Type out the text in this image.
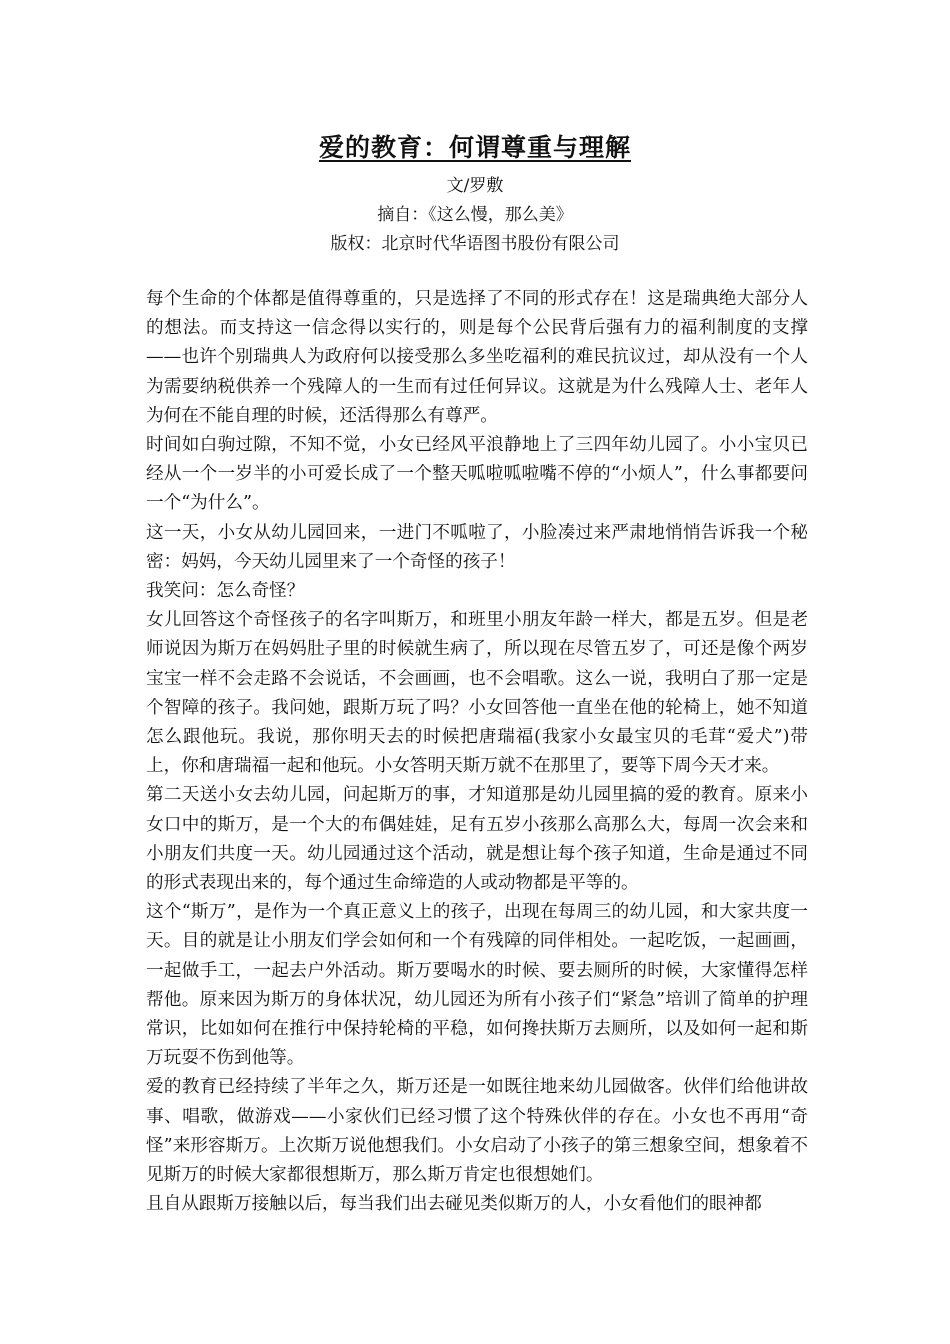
爱的教育：何谓尊重与理解
文/罗敷
摘自：《这么慢，那么美》
版权：北京时代华语图书股份有限公司

每个生命的个体都是值得尊重的，只是选择了不同的形式存在！这是瑞典绝大部分人的想法。而支持这一信念得以实行的，则是每个公民背后强有力的福利制度的支撑——也许个别瑞典人为政府何以接受那么多坐吃福利的难民抗议过，却从没有一个人为需要纳税供养一个残障人的一生而有过任何异议。这就是为什么残障人士、老年人为何在不能自理的时候，还活得那么有尊严。

时间如白驹过隙，不知不觉，小女已经风平浪静地上了三四年幼儿园了。小小宝贝已经从一个一岁半的小可爱长成了一个整天呱啦呱啦嘴不停的“小烦人”，什么事都要问一个“为什么”。

这一天，小女从幼儿园回来，一进门不呱啦了，小脸凑过来严肃地悄悄告诉我一个秘密：妈妈，今天幼儿园里来了一个奇怪的孩子！

我笑问：怎么奇怪？

女儿回答这个奇怪孩子的名字叫斯万，和班里小朋友年龄一样大，都是五岁。但是老师说因为斯万在妈妈肚子里的时候就生病了，所以现在尽管五岁了，可还是像个两岁宝宝一样不会走路不会说话，不会画画，也不会唱歌。这么一说，我明白了那一定是个智障的孩子。我问她，跟斯万玩了吗？小女回答他一直坐在他的轮椅上，她不知道怎么跟他玩。我说，那你明天去的时候把唐瑞福(我家小女最宝贝的毛茸“爱犬”)带上，你和唐瑞福一起和他玩。小女答明天斯万就不在那里了，要等下周今天才来。

第二天送小女去幼儿园，问起斯万的事，才知道那是幼儿园里搞的爱的教育。原来小女口中的斯万，是一个大的布偶娃娃，足有五岁小孩那么高那么大，每周一次会来和小朋友们共度一天。幼儿园通过这个活动，就是想让每个孩子知道，生命是通过不同的形式表现出来的，每个通过生命缔造的人或动物都是平等的。

这个“斯万”，是作为一个真正意义上的孩子，出现在每周三的幼儿园，和大家共度一天。目的就是让小朋友们学会如何和一个有残障的同伴相处。一起吃饭，一起画画，一起做手工，一起去户外活动。斯万要喝水的时候、要去厕所的时候，大家懂得怎样帮他。原来因为斯万的身体状况，幼儿园还为所有小孩子们“紧急”培训了简单的护理常识，比如如何在推行中保持轮椅的平稳，如何搀扶斯万去厕所，以及如何一起和斯万玩耍不伤到他等。

爱的教育已经持续了半年之久，斯万还是一如既往地来幼儿园做客。伙伴们给他讲故事、唱歌，做游戏——小家伙们已经习惯了这个特殊伙伴的存在。小女也不再用“奇怪”来形容斯万。上次斯万说他想我们。小女启动了小孩子的第三想象空间，想象着不见斯万的时候大家都很想斯万，那么斯万肯定也很想她们。

且自从跟斯万接触以后，每当我们出去碰见类似斯万的人，小女看他们的眼神都
